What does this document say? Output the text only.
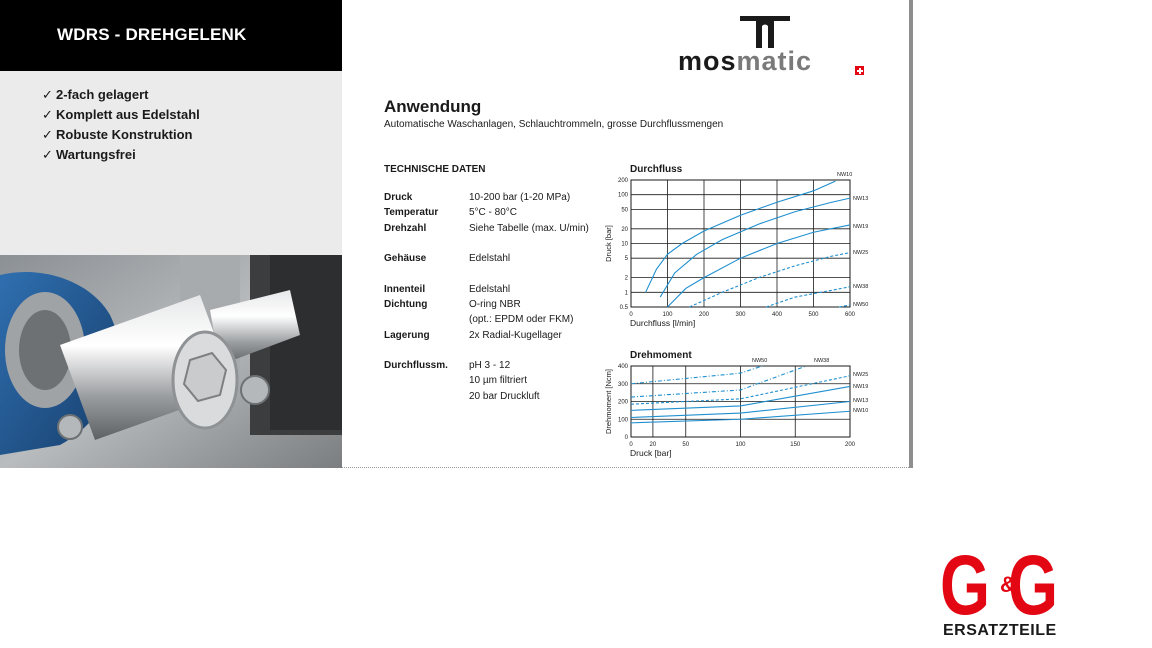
WDRS - DREHGELENK
✓ 2-fach gelagert
✓ Komplett aus Edelstahl
✓ Robuste Konstruktion
✓ Wartungsfrei
mosmatic
Anwendung
Automatische Waschanlagen, Schlauchtrommeln, grosse Durchflussmengen
TECHNISCHE DATEN
Druck	10-200 bar (1-20 MPa)
Temperatur	5°C - 80°C
Drehzahl	Siehe Tabelle (max. U/min)
Gehäuse	Edelstahl
Innenteil	Edelstahl
Dichtung	O-ring NBR
(opt.: EPDM oder FKM)
Lagerung	2x Radial-Kugellager
Durchflussm. pH 3 - 12
10 µm filtriert
20 bar Druckluft
Durchfluss
0	100	200	300	400	500	600
0.5
1
2
5
10
20
50
100
200
NW10
NW13
NW19
NW25
NW38
NW50
Durchfluss [l/min]
Druck [bar]
Drehmoment
0	20	50	100	150	200
0
100
200
300
400
NW10
NW13
NW19
NW25
NW38
NW50
Druck [bar]
Drehmoment [Ncm]
G G
&
ERSATZTEILE
